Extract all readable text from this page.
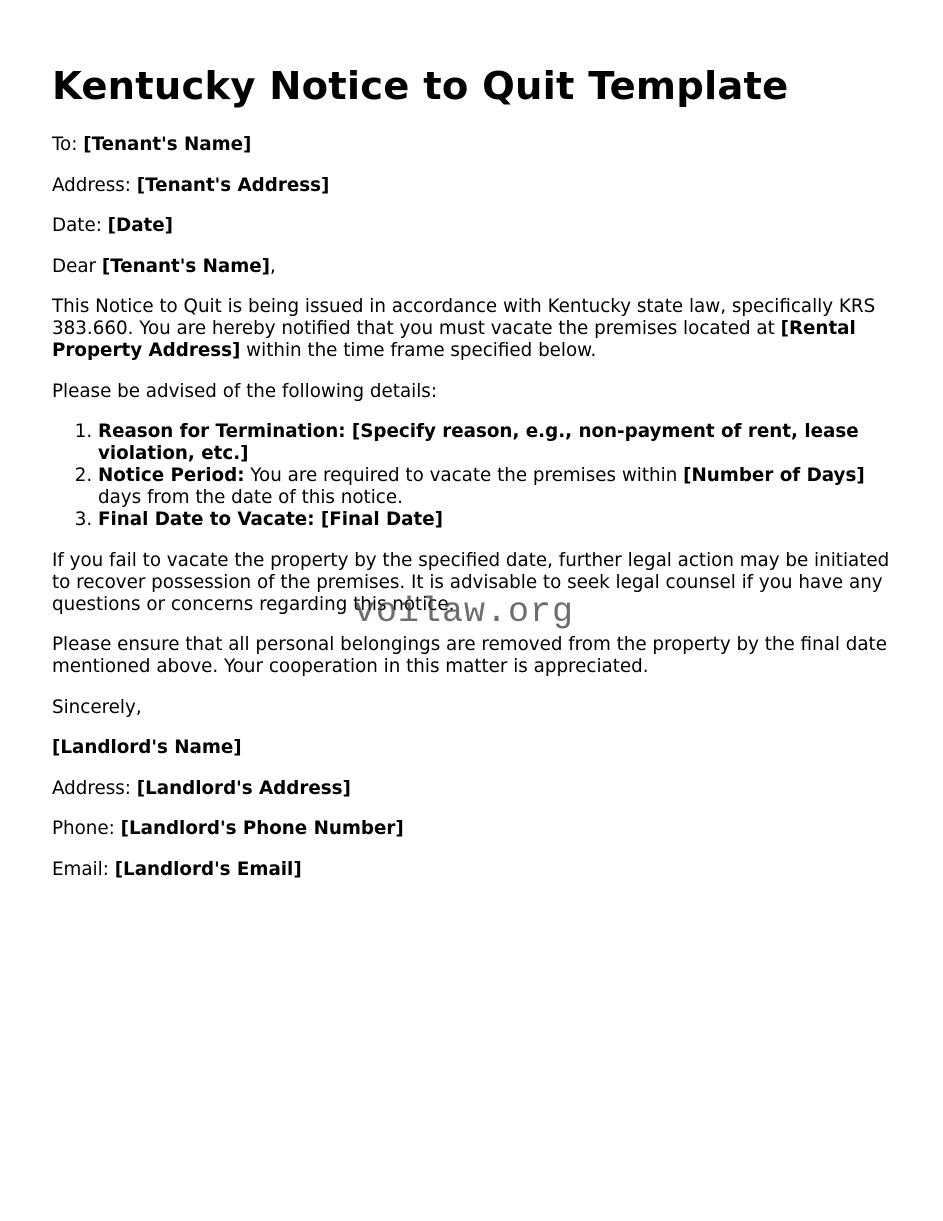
Kentucky Notice to Quit Template

To: [Tenant's Name]

Address: [Tenant's Address]

Date: [Date]

Dear [Tenant's Name],

This Notice to Quit is being issued in accordance with Kentucky state law, specifically KRS 383.660. You are hereby notified that you must vacate the premises located at [Rental Property Address] within the time frame specified below.

Please be advised of the following details:

1. Reason for Termination: [Specify reason, e.g., non-payment of rent, lease violation, etc.]
2. Notice Period: You are required to vacate the premises within [Number of Days] days from the date of this notice.
3. Final Date to Vacate: [Final Date]

If you fail to vacate the property by the specified date, further legal action may be initiated to recover possession of the premises. It is advisable to seek legal counsel if you have any questions or concerns regarding this notice.

Please ensure that all personal belongings are removed from the property by the final date mentioned above. Your cooperation in this matter is appreciated.

Sincerely,

[Landlord's Name]

Address: [Landlord's Address]

Phone: [Landlord's Phone Number]

Email: [Landlord's Email]

voilaw.org
